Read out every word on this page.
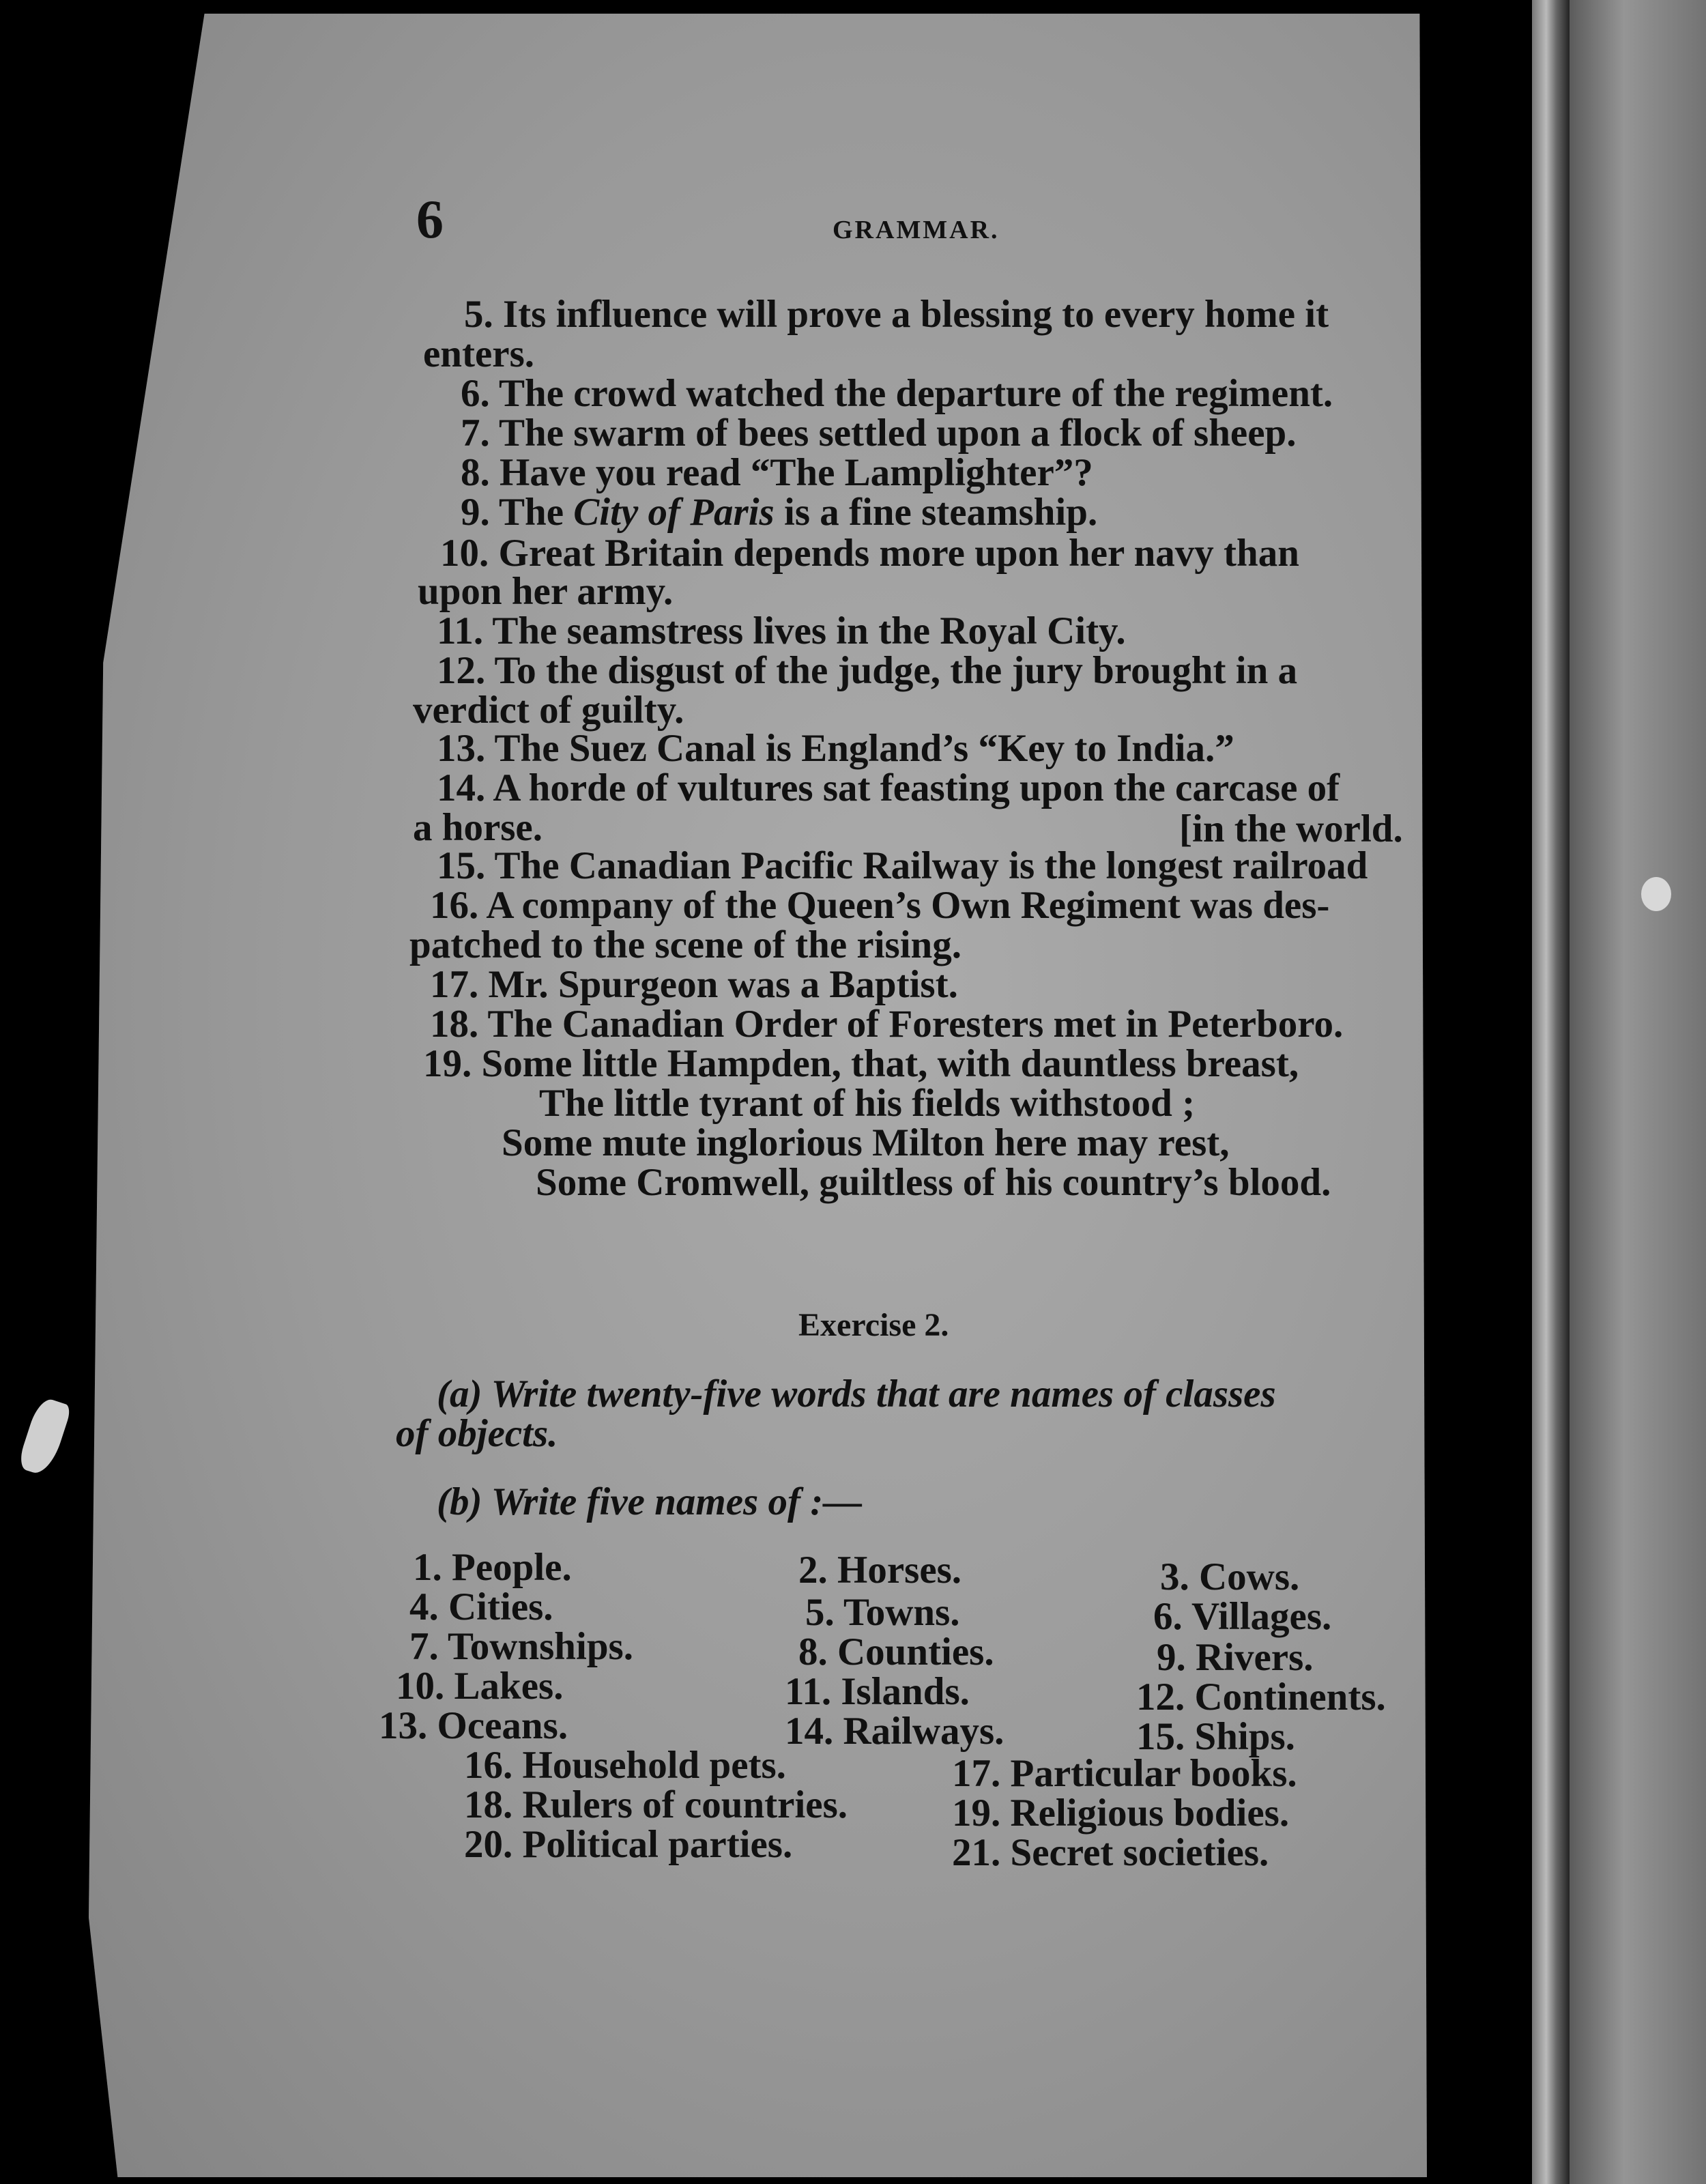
6	GRAMMAR.
5. Its influence will prove a blessing to every home it
enters.
6. The crowd watched the departure of the regiment.
7. The swarm of bees settled upon a flock of sheep.
8. Have you read “The Lamplighter”?
9. The City of Paris is a fine steamship.
10. Great Britain depends more upon her navy than
upon her army.
11. The seamstress lives in the Royal City.
12. To the disgust of the judge, the jury brought in a
verdict of guilty.
13. The Suez Canal is England’s “Key to India.”
14. A horde of vultures sat feasting upon the carcase of
a horse.	[in the world.
15. The Canadian Pacific Railway is the longest railroad
16. A company of the Queen’s Own Regiment was des-
patched to the scene of the rising.
17. Mr. Spurgeon was a Baptist.
18. The Canadian Order of Foresters met in Peterboro.
19. Some little Hampden, that, with dauntless breast,
The little tyrant of his fields withstood ;
Some mute inglorious Milton here may rest,
Some Cromwell, guiltless of his country’s blood.
Exercise 2.
(a) Write twenty-five words that are names of classes
of objects.
(b) Write five names of :—
1. People.	2. Horses.	3. Cows.
4. Cities.	5. Towns.	6. Villages.
7. Townships.	8. Counties.	9. Rivers.
10. Lakes.	11. Islands.	12. Continents.
13. Oceans.	14. Railways.	15. Ships.
16. Household pets.	17. Particular books.
18. Rulers of countries.	19. Religious bodies.
20. Political parties.	21. Secret societies.
